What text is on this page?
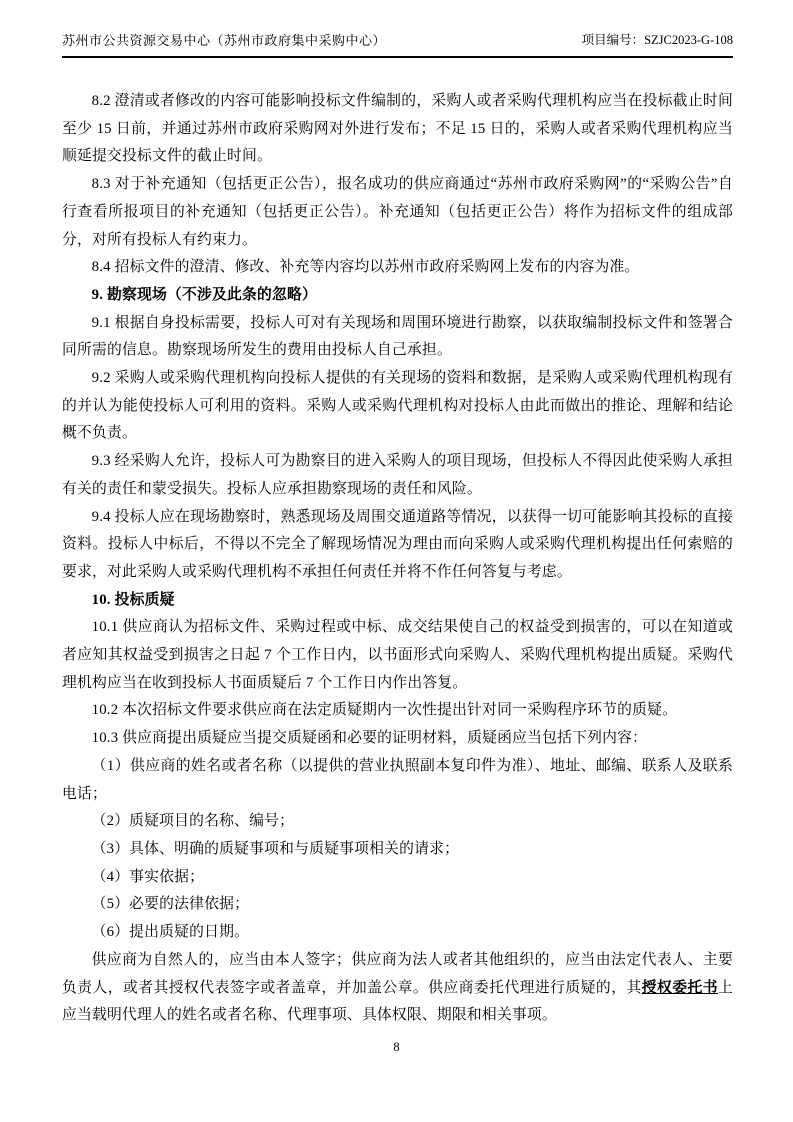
苏州市公共资源交易中心（苏州市政府集中采购中心）	项目编号：SZJC2023-G-108

8.2 澄清或者修改的内容可能影响投标文件编制的，采购人或者采购代理机构应当在投标截止时间至少 15 日前，并通过苏州市政府采购网对外进行发布；不足 15 日的，采购人或者采购代理机构应当顺延提交投标文件的截止时间。

8.3 对于补充通知（包括更正公告），报名成功的供应商通过“苏州市政府采购网”的“采购公告”自行查看所报项目的补充通知（包括更正公告）。补充通知（包括更正公告）将作为招标文件的组成部分，对所有投标人有约束力。

8.4 招标文件的澄清、修改、补充等内容均以苏州市政府采购网上发布的内容为准。

9. 勘察现场（不涉及此条的忽略）

9.1 根据自身投标需要，投标人可对有关现场和周围环境进行勘察，以获取编制投标文件和签署合同所需的信息。勘察现场所发生的费用由投标人自己承担。

9.2 采购人或采购代理机构向投标人提供的有关现场的资料和数据，是采购人或采购代理机构现有的并认为能使投标人可利用的资料。采购人或采购代理机构对投标人由此而做出的推论、理解和结论概不负责。

9.3 经采购人允许，投标人可为勘察目的进入采购人的项目现场，但投标人不得因此使采购人承担有关的责任和蒙受损失。投标人应承担勘察现场的责任和风险。

9.4 投标人应在现场勘察时，熟悉现场及周围交通道路等情况，以获得一切可能影响其投标的直接资料。投标人中标后，不得以不完全了解现场情况为理由而向采购人或采购代理机构提出任何索赔的要求，对此采购人或采购代理机构不承担任何责任并将不作任何答复与考虑。

10. 投标质疑

10.1 供应商认为招标文件、采购过程或中标、成交结果使自己的权益受到损害的，可以在知道或者应知其权益受到损害之日起 7 个工作日内，以书面形式向采购人、采购代理机构提出质疑。采购代理机构应当在收到投标人书面质疑后 7 个工作日内作出答复。

10.2 本次招标文件要求供应商在法定质疑期内一次性提出针对同一采购程序环节的质疑。

10.3 供应商提出质疑应当提交质疑函和必要的证明材料，质疑函应当包括下列内容：

（1）供应商的姓名或者名称（以提供的营业执照副本复印件为准）、地址、邮编、联系人及联系电话；

（2）质疑项目的名称、编号；

（3）具体、明确的质疑事项和与质疑事项相关的请求；

（4）事实依据；

（5）必要的法律依据；

（6）提出质疑的日期。

供应商为自然人的，应当由本人签字；供应商为法人或者其他组织的，应当由法定代表人、主要负责人，或者其授权代表签字或者盖章，并加盖公章。供应商委托代理进行质疑的，其授权委托书上应当载明代理人的姓名或者名称、代理事项、具体权限、期限和相关事项。

8
